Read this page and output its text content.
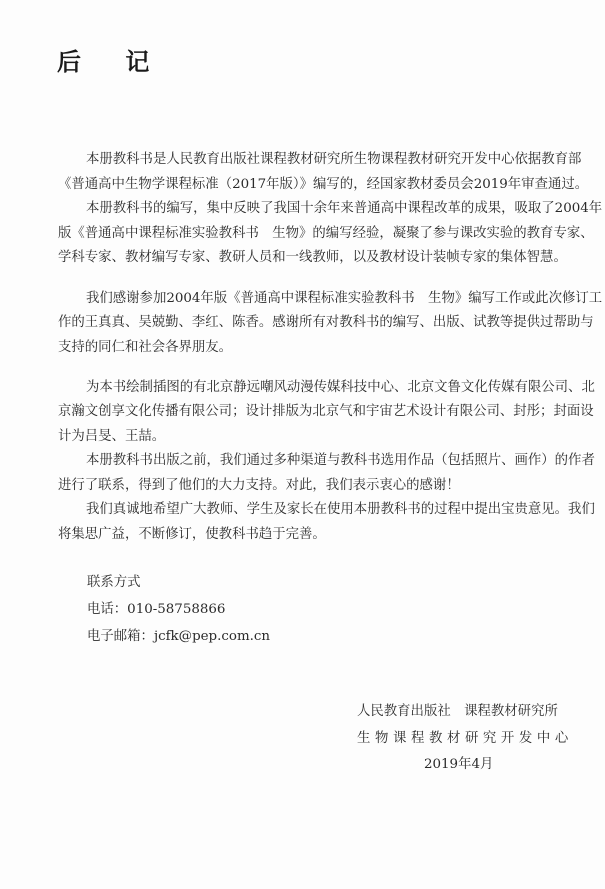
后 记
本册教科书是人民教育出版社课程教材研究所生物课程教材研究开发中心依据教育部
《普通高中生物学课程标准（2017年版）》编写的，经国家教材委员会2019年审查通过。
本册教科书的编写，集中反映了我国十余年来普通高中课程改革的成果，吸取了2004年
版《普通高中课程标准实验教科书　生物》的编写经验，凝聚了参与课改实验的教育专家、
学科专家、教材编写专家、教研人员和一线教师，以及教材设计装帧专家的集体智慧。
我们感谢参加2004年版《普通高中课程标准实验教科书　生物》编写工作或此次修订工
作的王真真、吴兢勤、李红、陈香。感谢所有对教科书的编写、出版、试教等提供过帮助与
支持的同仁和社会各界朋友。
为本书绘制插图的有北京静远嘲风动漫传媒科技中心、北京文鲁文化传媒有限公司、北
京瀚文创享文化传播有限公司；设计排版为北京气和宇宙艺术设计有限公司、封彤；封面设
计为吕旻、王喆。
本册教科书出版之前，我们通过多种渠道与教科书选用作品（包括照片、画作）的作者
进行了联系，得到了他们的大力支持。对此，我们表示衷心的感谢！
我们真诚地希望广大教师、学生及家长在使用本册教科书的过程中提出宝贵意见。我们
将集思广益，不断修订，使教科书趋于完善。
联系方式
电话：010-58758866
电子邮箱：jcfk@pep.com.cn
人民教育出版社　课程教材研究所
生物课程教材研究开发中心
2019年4月
